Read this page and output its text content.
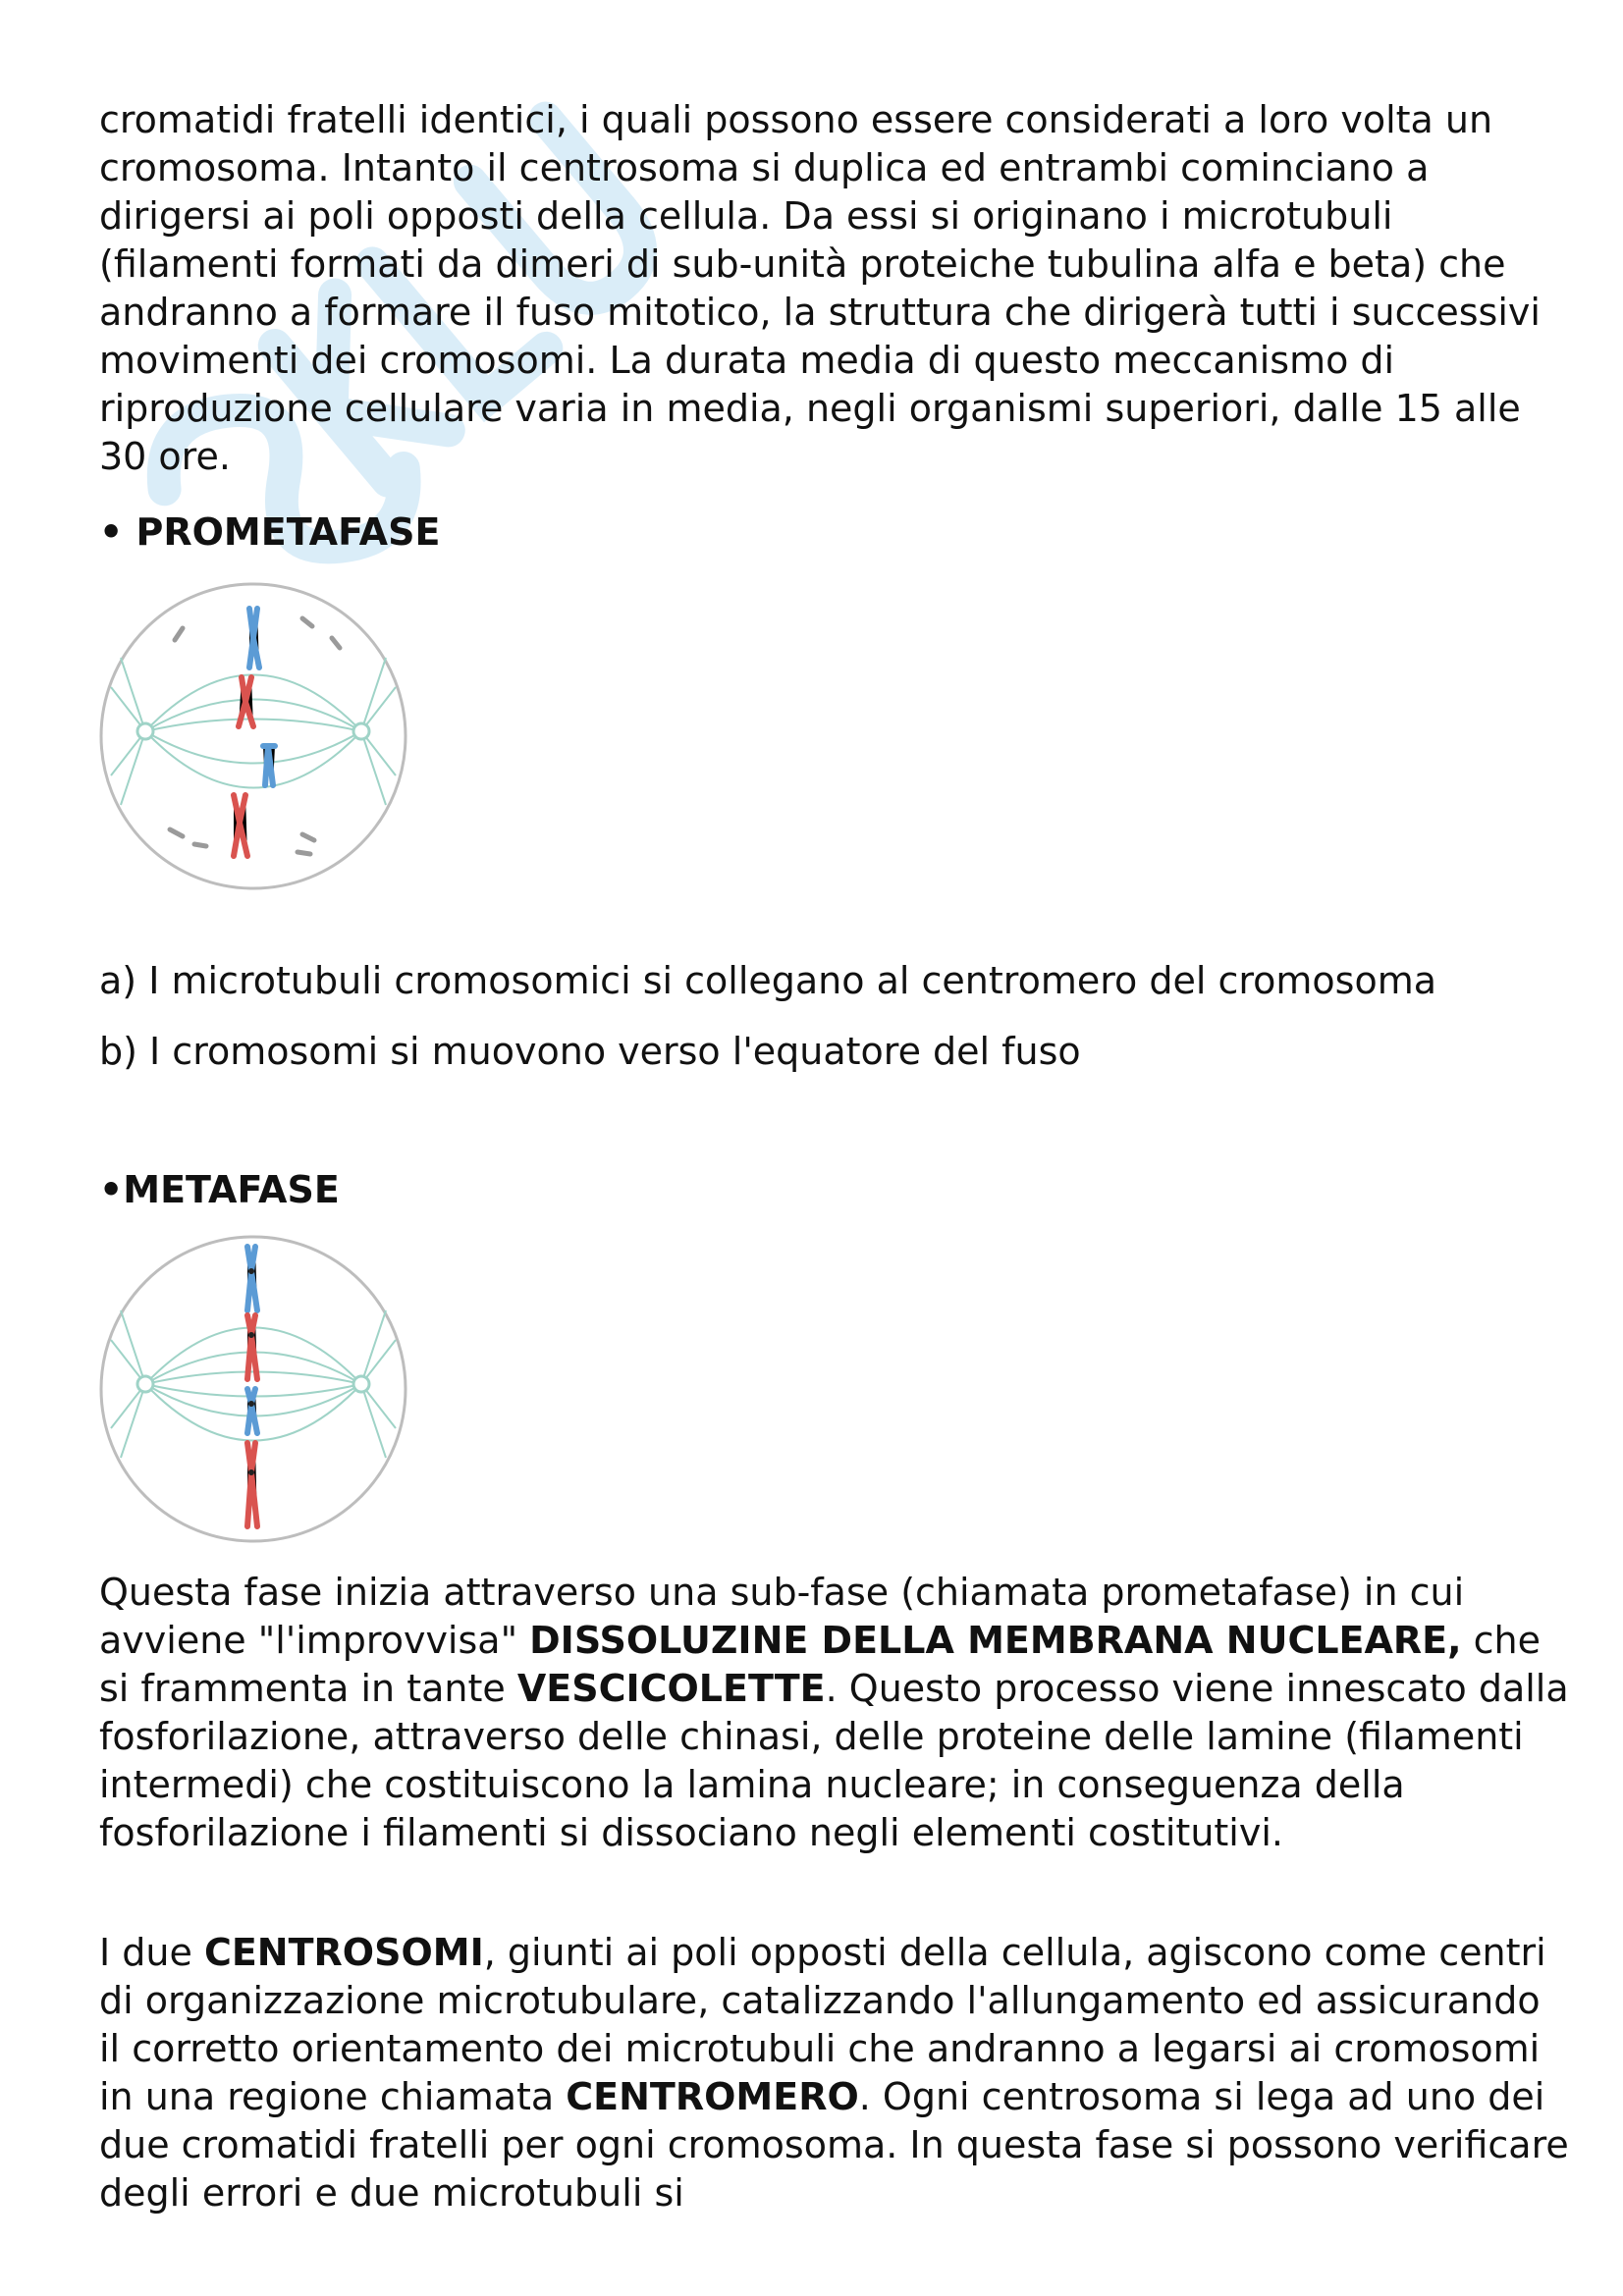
cromatidi fratelli identici, i quali possono essere considerati a loro volta un cromosoma. Intanto il centrosoma si duplica ed entrambi cominciano a dirigersi ai poli opposti della cellula. Da essi si originano i microtubuli (filamenti formati da dimeri di sub-unità proteiche tubulina alfa e beta) che andranno a formare il fuso mitotico, la struttura che dirigerà tutti i successivi movimenti dei cromosomi. La durata media di questo meccanismo di riproduzione cellulare varia in media, negli organismi superiori, dalle 15 alle 30 ore.

• PROMETAFASE

a) I microtubuli cromosomici si collegano al centromero del cromosoma

b) I cromosomi si muovono verso l'equatore del fuso

•METAFASE

Questa fase inizia attraverso una sub-fase (chiamata prometafase) in cui avviene "l'improvvisa" DISSOLUZINE DELLA MEMBRANA NUCLEARE, che si frammenta in tante VESCICOLETTE. Questo processo viene innescato dalla fosforilazione, attraverso delle chinasi, delle proteine delle lamine (filamenti intermedi) che costituiscono la lamina nucleare; in conseguenza della fosforilazione i filamenti si dissociano negli elementi costitutivi.

I due CENTROSOMI, giunti ai poli opposti della cellula, agiscono come centri di organizzazione microtubulare, catalizzando l'allungamento ed assicurando il corretto orientamento dei microtubuli che andranno a legarsi ai cromosomi in una regione chiamata CENTROMERO. Ogni centrosoma si lega ad uno dei due cromatidi fratelli per ogni cromosoma. In questa fase si possono verificare degli errori e due microtubuli si
